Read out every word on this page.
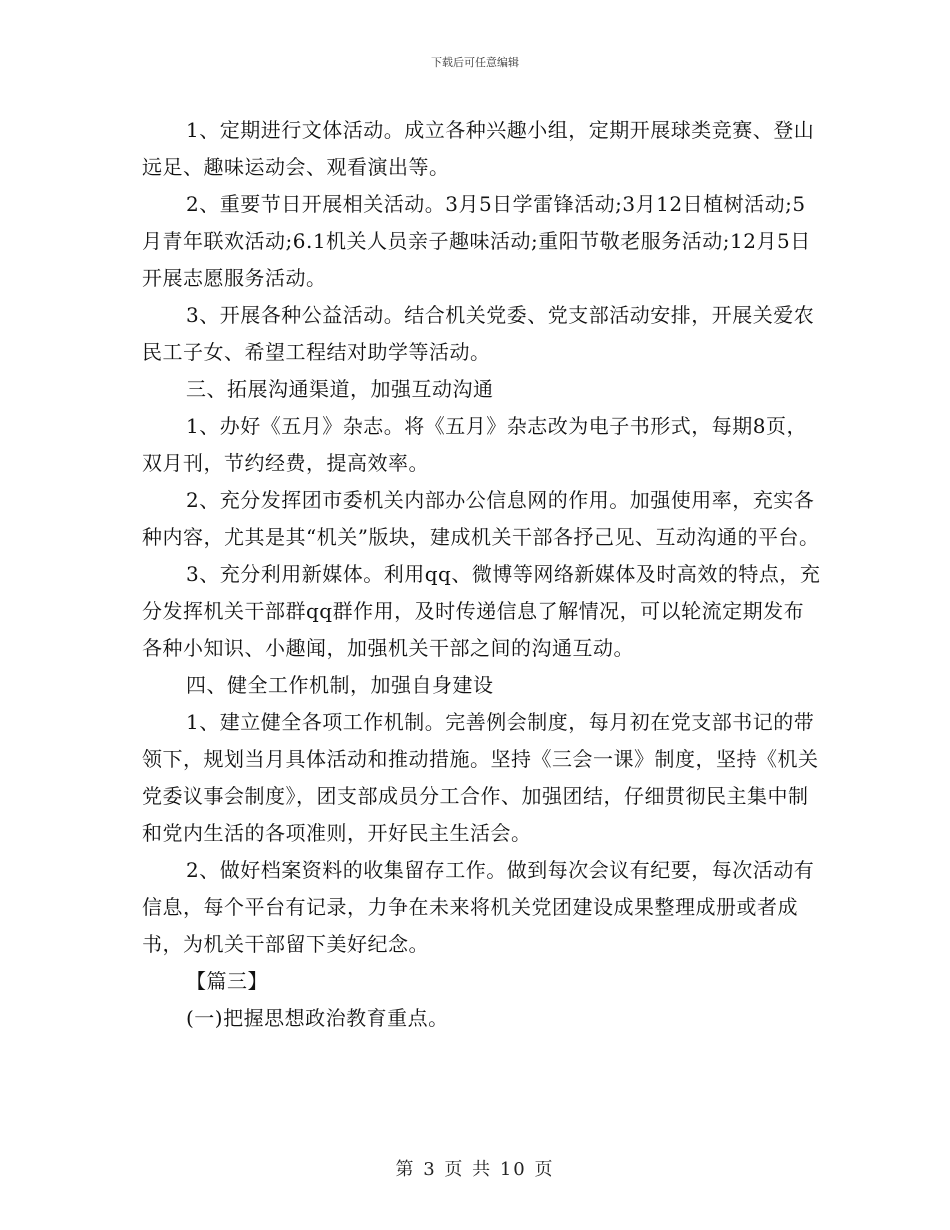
下载后可任意编辑

1、定期进行文体活动。成立各种兴趣小组，定期开展球类竞赛、登山远足、趣味运动会、观看演出等。

2、重要节日开展相关活动。3月5日学雷锋活动;3月12日植树活动;5月青年联欢活动;6.1机关人员亲子趣味活动;重阳节敬老服务活动;12月5日开展志愿服务活动。

3、开展各种公益活动。结合机关党委、党支部活动安排，开展关爱农民工子女、希望工程结对助学等活动。

三、拓展沟通渠道，加强互动沟通

1、办好《五月》杂志。将《五月》杂志改为电子书形式，每期8页，双月刊，节约经费，提高效率。

2、充分发挥团市委机关内部办公信息网的作用。加强使用率，充实各种内容，尤其是其“机关”版块，建成机关干部各抒己见、互动沟通的平台。

3、充分利用新媒体。利用qq、微博等网络新媒体及时高效的特点，充分发挥机关干部群qq群作用，及时传递信息了解情况，可以轮流定期发布各种小知识、小趣闻，加强机关干部之间的沟通互动。

四、健全工作机制，加强自身建设

1、建立健全各项工作机制。完善例会制度，每月初在党支部书记的带领下，规划当月具体活动和推动措施。坚持《三会一课》制度，坚持《机关党委议事会制度》，团支部成员分工合作、加强团结，仔细贯彻民主集中制和党内生活的各项准则，开好民主生活会。

2、做好档案资料的收集留存工作。做到每次会议有纪要，每次活动有信息，每个平台有记录，力争在未来将机关党团建设成果整理成册或者成书，为机关干部留下美好纪念。

【篇三】

(一)把握思想政治教育重点。

第 3 页 共 10 页
